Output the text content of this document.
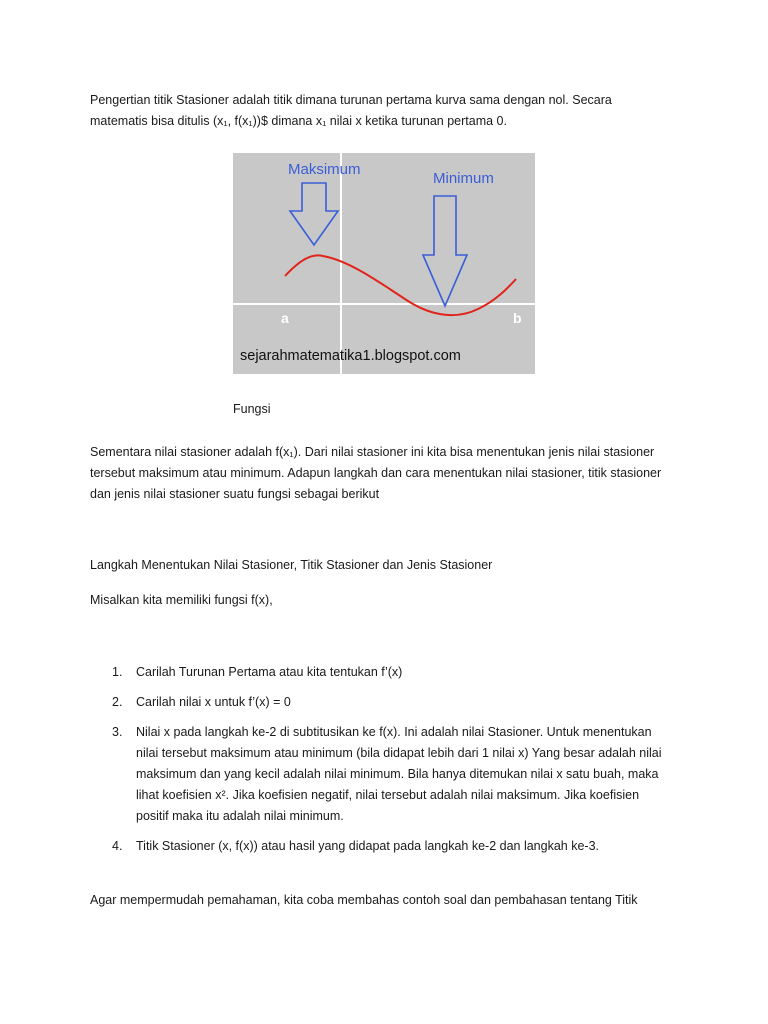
Pengertian titik Stasioner adalah titik dimana turunan pertama kurva sama dengan nol. Secara
matematis bisa ditulis (x₁, f(x₁))$ dimana x₁ nilai x ketika turunan pertama 0.

Maksimum
Minimum
a	b
sejarahmatematika1.blogspot.com
Fungsi

Sementara nilai stasioner adalah f(x₁). Dari nilai stasioner ini kita bisa menentukan jenis nilai stasioner
tersebut maksimum atau minimum. Adapun langkah dan cara menentukan nilai stasioner, titik stasioner
dan jenis nilai stasioner suatu fungsi sebagai berikut

Langkah Menentukan Nilai Stasioner, Titik Stasioner dan Jenis Stasioner

Misalkan kita memiliki fungsi f(x),

1. Carilah Turunan Pertama atau kita tentukan f’(x)
2. Carilah nilai x untuk f’(x) = 0
3. Nilai x pada langkah ke-2 di subtitusikan ke f(x). Ini adalah nilai Stasioner. Untuk menentukan
nilai tersebut maksimum atau minimum (bila didapat lebih dari 1 nilai x) Yang besar adalah nilai
maksimum dan yang kecil adalah nilai minimum. Bila hanya ditemukan nilai x satu buah, maka
lihat koefisien x². Jika koefisien negatif, nilai tersebut adalah nilai maksimum. Jika koefisien
positif maka itu adalah nilai minimum.
4. Titik Stasioner (x, f(x)) atau hasil yang didapat pada langkah ke-2 dan langkah ke-3.

Agar mempermudah pemahaman, kita coba membahas contoh soal dan pembahasan tentang Titik
